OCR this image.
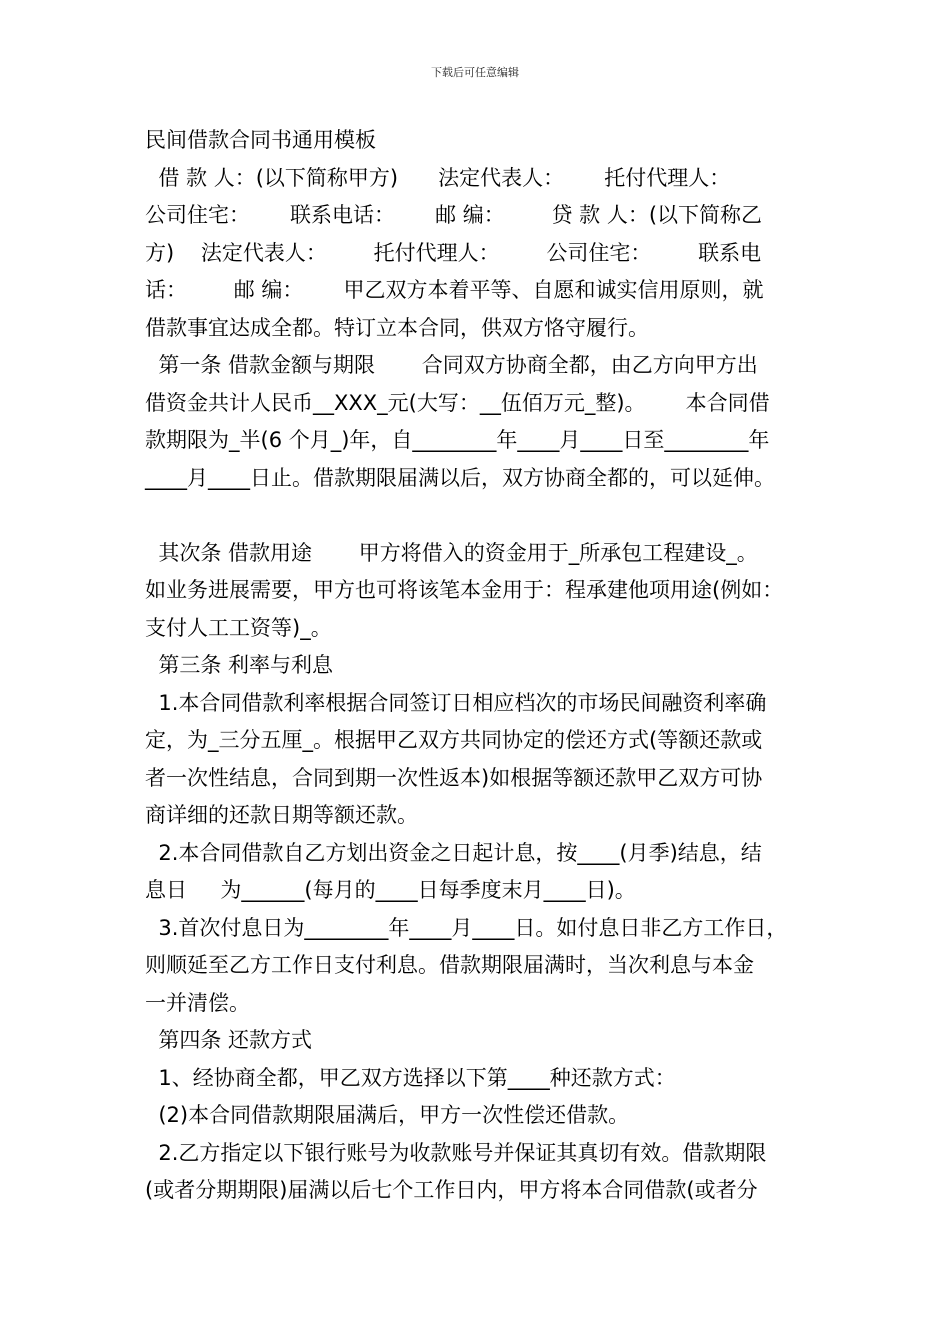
下载后可任意编辑
民间借款合同书通用模板
借 款 人：(以下简称甲方)      法定代表人：      托付代理人：
公司住宅：      联系电话：      邮 编：       贷 款 人：(以下简称乙
方)    法定代表人：       托付代理人：       公司住宅：       联系电
话：       邮 编：      甲乙双方本着平等、自愿和诚实信用原则，就
借款事宜达成全都。特订立本合同，供双方恪守履行。
第一条 借款金额与期限       合同双方协商全都，由乙方向甲方出
借资金共计人民币__XXX_元(大写：__伍佰万元_整)。      本合同借
款期限为_半(6 个月_)年，自________年____月____日至________年
____月____日止。借款期限届满以后，双方协商全都的，可以延伸。
其次条 借款用途       甲方将借入的资金用于_所承包工程建设_。
如业务进展需要，甲方也可将该笔本金用于：程承建他项用途(例如：
支付人工工资等)_。
第三条 利率与利息
1.本合同借款利率根据合同签订日相应档次的市场民间融资利率确
定，为_三分五厘_。根据甲乙双方共同协定的偿还方式(等额还款或
者一次性结息，合同到期一次性返本)如根据等额还款甲乙双方可协
商详细的还款日期等额还款。
2.本合同借款自乙方划出资金之日起计息，按____(月季)结息，结
息日     为______(每月的____日每季度末月____日)。
3.首次付息日为________年____月____日。如付息日非乙方工作日，
则顺延至乙方工作日支付利息。借款期限届满时，当次利息与本金
一并清偿。
第四条 还款方式
1、经协商全都，甲乙双方选择以下第____种还款方式：
(2)本合同借款期限届满后，甲方一次性偿还借款。
2.乙方指定以下银行账号为收款账号并保证其真切有效。借款期限
(或者分期期限)届满以后七个工作日内，甲方将本合同借款(或者分
